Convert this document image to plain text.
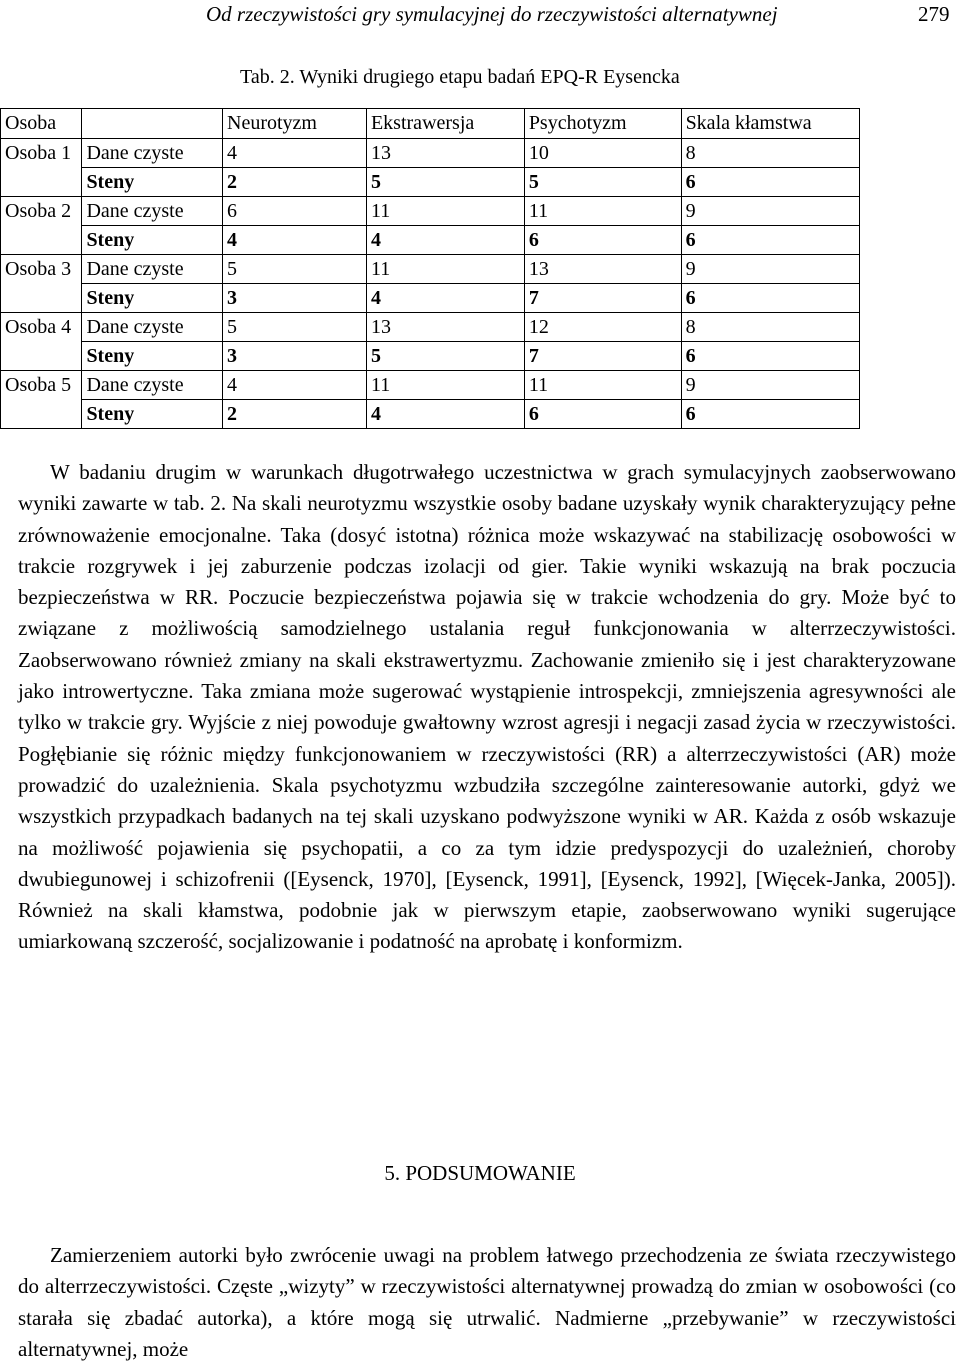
Od rzeczywistości gry symulacyjnej do rzeczywistości alternatywnej	279
Tab. 2. Wyniki drugiego etapu badań EPQ-R Eysencka
Osoba		Neurotyzm	Ekstrawersja	Psychotyzm	Skala kłamstwa
Osoba 1	Dane czyste	4	13	10	8
	Steny	2	5	5	6
Osoba 2	Dane czyste	6	11	11	9
	Steny	4	4	6	6
Osoba 3	Dane czyste	5	11	13	9
	Steny	3	4	7	6
Osoba 4	Dane czyste	5	13	12	8
	Steny	3	5	7	6
Osoba 5	Dane czyste	4	11	11	9
	Steny	2	4	6	6

W badaniu drugim w warunkach długotrwałego uczestnictwa w grach symulacyjnych zaobserwowano wyniki zawarte w tab. 2. Na skali neurotyzmu wszystkie osoby badane uzyskały wynik charakteryzujący pełne zrównoważenie emocjonalne. Taka (dosyć istotna) różnica może wskazywać na stabilizację osobowości w trakcie rozgrywek i jej zaburzenie podczas izolacji od gier. Takie wyniki wskazują na brak poczucia bezpieczeństwa w RR. Poczucie bezpieczeństwa pojawia się w trakcie wchodzenia do gry. Może być to związane z możliwością samodzielnego ustalania reguł funkcjonowania w alterrzeczywistości. Zaobserwowano również zmiany na skali ekstrawertyzmu. Zachowanie zmieniło się i jest charakteryzowane jako introwertyczne. Taka zmiana może sugerować wystąpienie introspekcji, zmniejszenia agresywności ale tylko w trakcie gry. Wyjście z niej powoduje gwałtowny wzrost agresji i negacji zasad życia w rzeczywistości. Pogłębianie się różnic między funkcjonowaniem w rzeczywistości (RR) a alterrzeczywistości (AR) może prowadzić do uzależnienia. Skala psychotyzmu wzbudziła szczególne zainteresowanie autorki, gdyż we wszystkich przypadkach badanych na tej skali uzyskano podwyższone wyniki w AR. Każda z osób wskazuje na możliwość pojawienia się psychopatii, a co za tym idzie predyspozycji do uzależnień, choroby dwubiegunowej i schizofrenii ([Eysenck, 1970], [Eysenck, 1991], [Eysenck, 1992], [Więcek-Janka, 2005]). Również na skali kłamstwa, podobnie jak w pierwszym etapie, zaobserwowano wyniki sugerujące umiarkowaną szczerość, socjalizowanie i podatność na aprobatę i konformizm.

5. PODSUMOWANIE

Zamierzeniem autorki było zwrócenie uwagi na problem łatwego przechodzenia ze świata rzeczywistego do alterrzeczywistości. Częste „wizyty” w rzeczywistości alternatywnej prowadzą do zmian w osobowości (co starała się zbadać autorka), a które mogą się utrwalić. Nadmierne „przebywanie” w rzeczywistości alternatywnej, może
